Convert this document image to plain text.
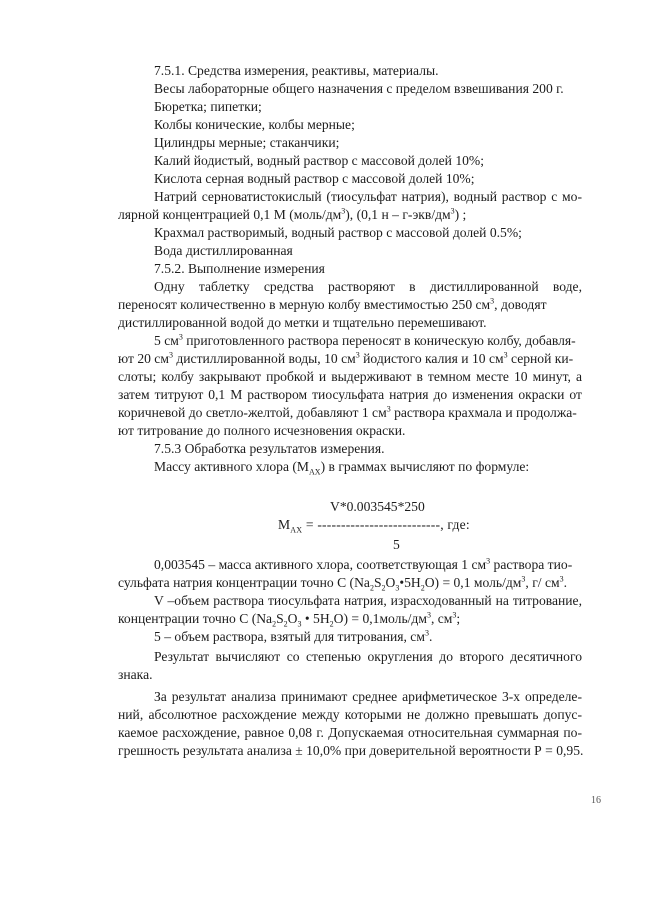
7.5.1. Средства измерения, реактивы, материалы.
Весы лабораторные общего назначения с пределом взвешивания 200 г.
Бюретка; пипетки;
Колбы конические, колбы мерные;
Цилиндры мерные; стаканчики;
Калий йодистый, водный раствор с массовой долей 10%;
Кислота серная водный раствор с массовой долей 10%;
Натрий серноватистокислый (тиосульфат натрия), водный раствор с мо-
лярной концентрацией 0,1 М $(моль/дм^3)$, (0,1 н – $г-экв/дм^3$) ;
Крахмал растворимый, водный раствор с массовой долей 0.5%;
Вода дистиллированная
7.5.2. Выполнение измерения
Одну таблетку средства растворяют в дистиллированной воде,
переносят количественно в мерную колбу вместимостью 250 $см^3$, доводят
дистиллированной водой до метки и тщательно перемешивают.
5 $см^3$ приготовленного раствора переносят в коническую колбу, добавля-
ют 20 $см^3$ дистиллированной воды, 10 $см^3$ йодистого калия и 10 $см^3$ серной ки-
слоты; колбу закрывают пробкой и выдерживают в темном месте 10 минут, а
затем титруют 0,1 М раствором тиосульфата натрия до изменения окраски от
коричневой до светло-желтой, добавляют 1 $см^3$ раствора крахмала и продолжа-
ют титрование до полного исчезновения окраски.
7.5.3 Обработка результатов измерения.
Массу активного хлора $(М_{АХ})$ в граммах вычисляют по формуле:
V*0.003545*250
$М_{АХ}$ = --------------------------, где:
5
0,003545 – масса активного хлора, соответствующая 1 $см^3$ раствора тио-
сульфата натрия концентрации точно С $(Na_2S_2O_3•5H_2O) = 0,1$ моль/$дм^3$, г/ $см^3$.
V –объем раствора тиосульфата натрия, израсходованный на титрование,
концентрации точно С ($Na_2S_2O_3$ • $5H_2O$) = $0,1моль/дм^3$, $см^3$;
5 – объем раствора, взятый для титрования, $см^3$.
Результат вычисляют со степенью округления до второго десятичного
знака.
За результат анализа принимают среднее арифметическое 3-х определе-
ний, абсолютное расхождение между которыми не должно превышать допус-
каемое расхождение, равное 0,08 г. Допускаемая относительная суммарная по-
грешность результата анализа ± 10,0% при доверительной вероятности Р = 0,95.
16
